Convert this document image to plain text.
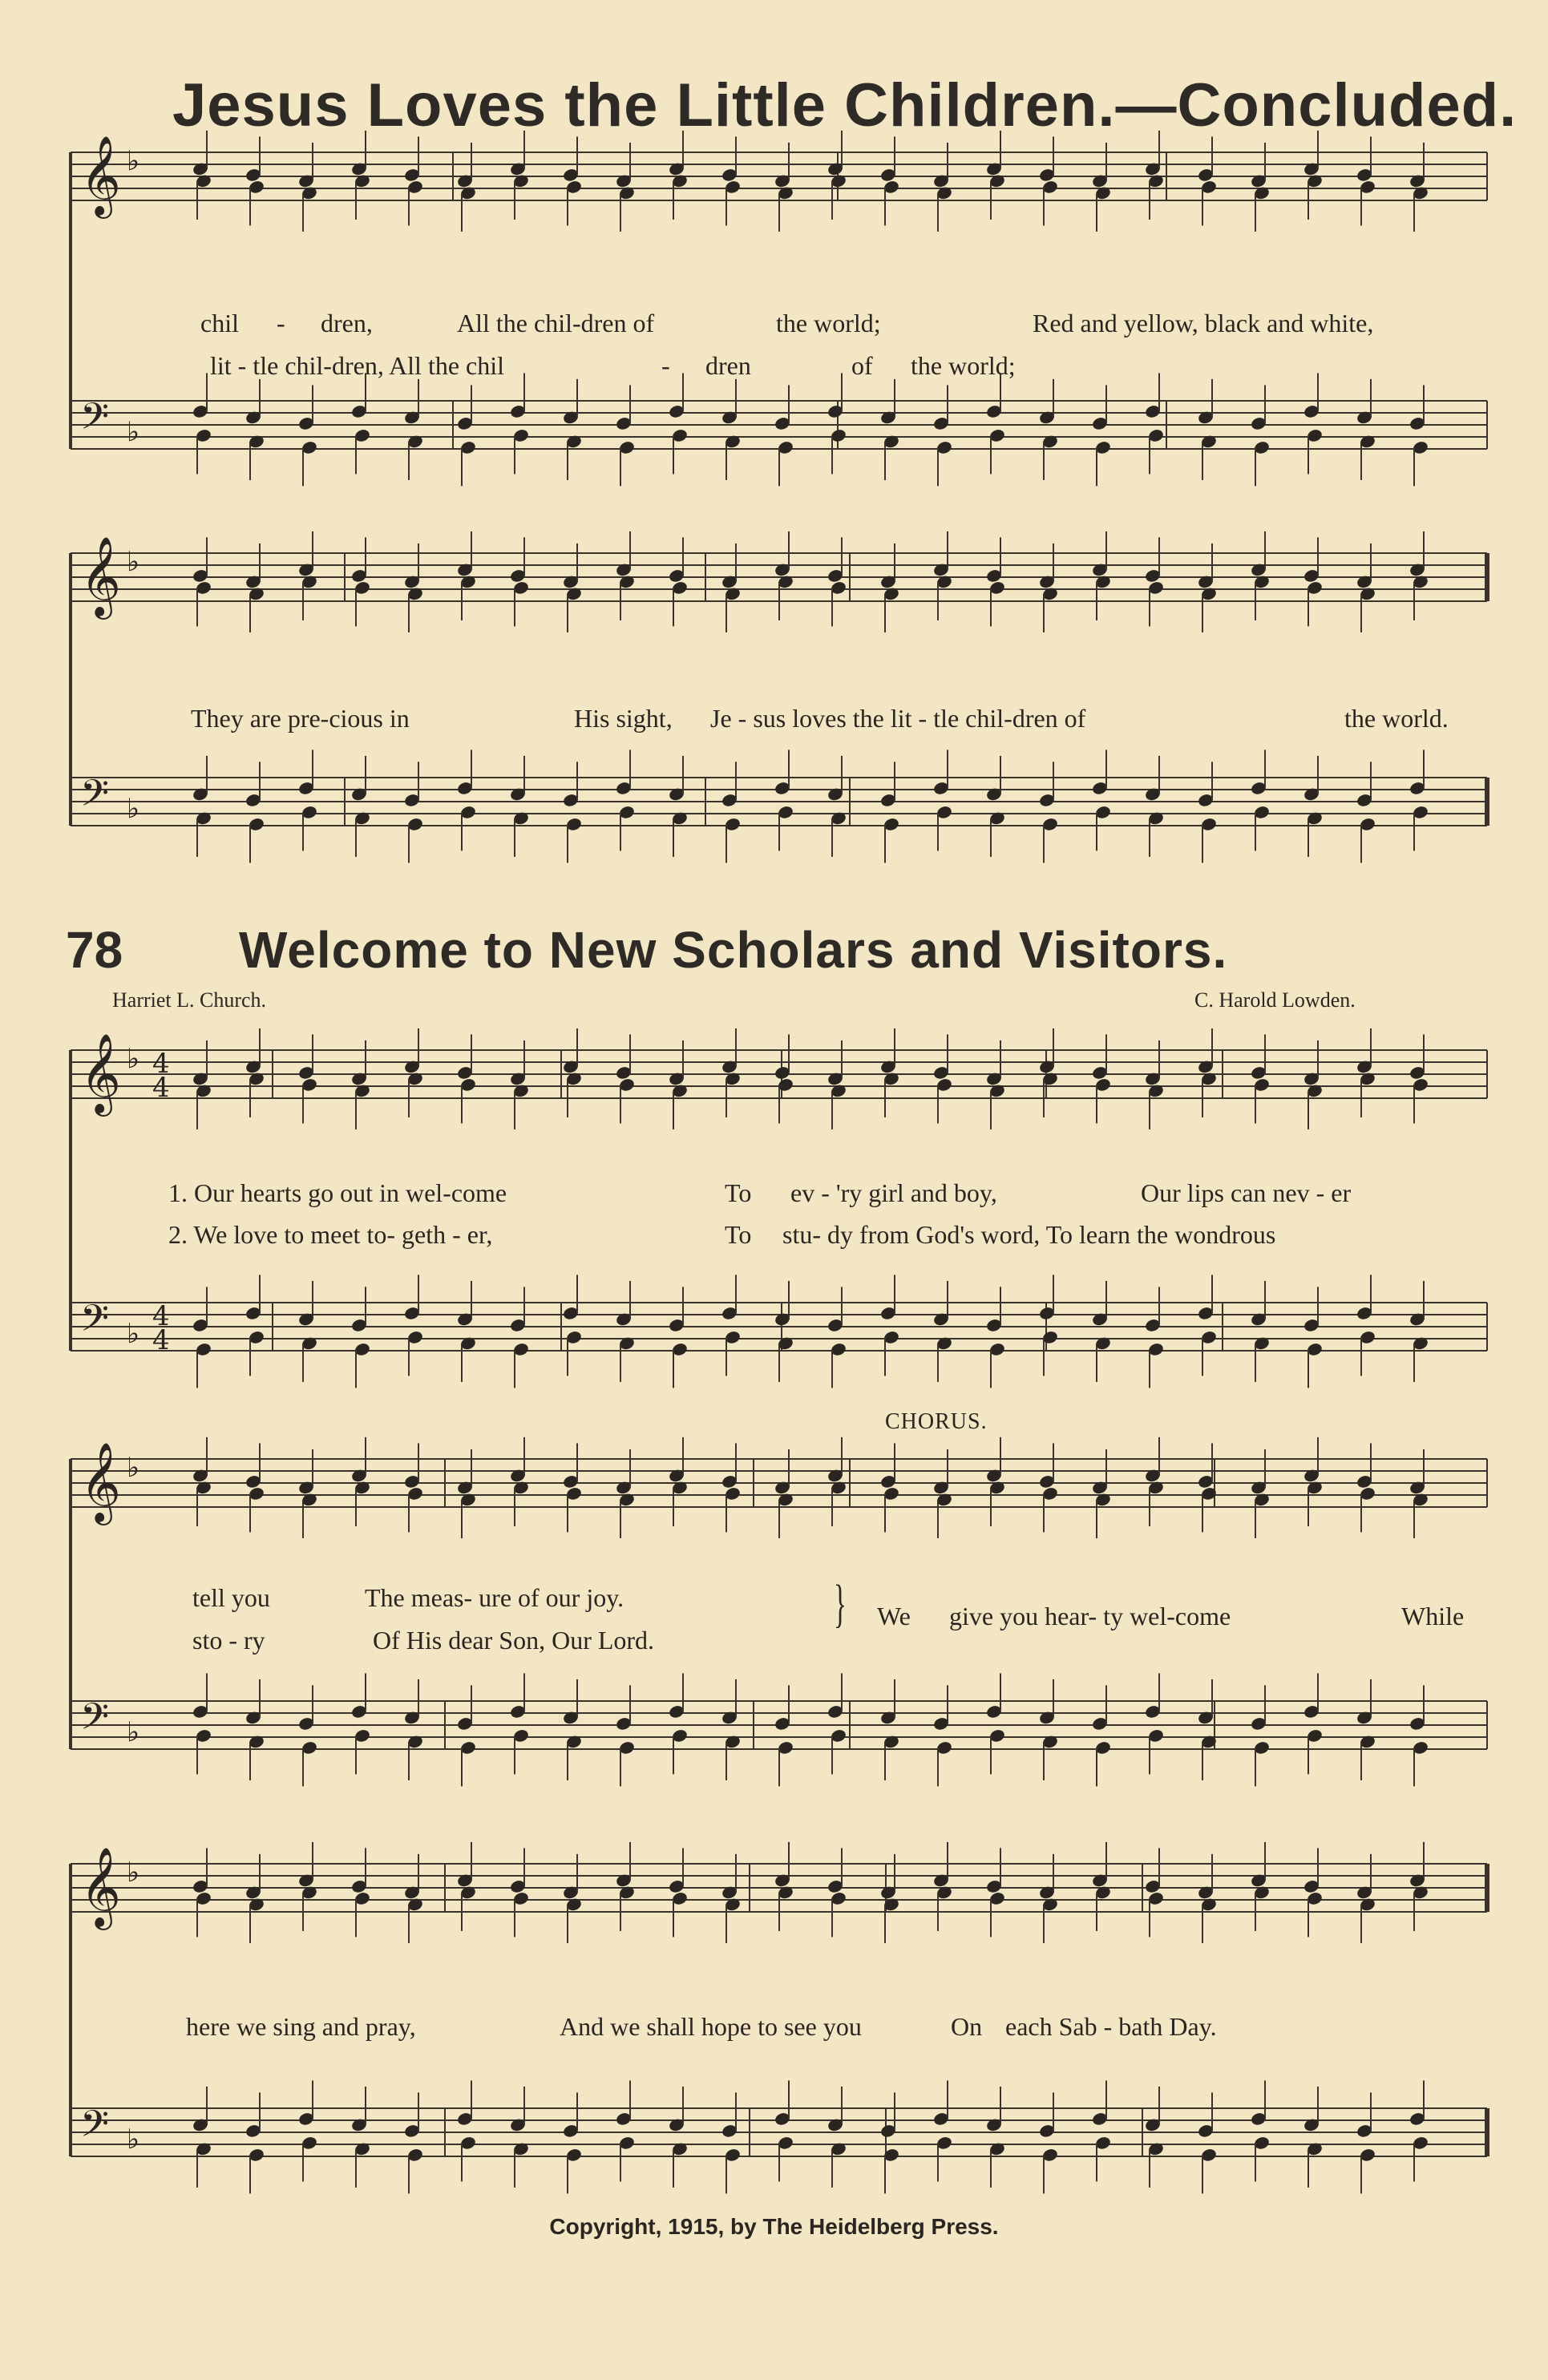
Jesus Loves the Little Children.—Concluded.
78 Welcome to New Scholars and Visitors.
Harriet L. Church.	C. Harold Lowden.
CHORUS.
𝄞 ♭
𝄢 ♭
𝄞 ♭
𝄢 ♭
𝄞 ♭
𝄢 ♭
𝄞 ♭
𝄢 ♭
𝄞 ♭
𝄢 ♭
4
4
4
4
chil - dren,	All the chil-dren of	the world;	Red and yellow, black and white,
lit - tle chil-dren, All the chil	- dren	of the world;
They are pre-cious in	His sight, Je - sus loves the lit - tle chil-dren of	the world.
1. Our hearts go out in wel-come	To ev - 'ry girl and boy,	Our lips can nev - er
2. We love to meet to- geth - er,	To stu- dy from God's word, To learn the wondrous
tell you	The meas- ure of our joy.
sto - ry	Of His dear Son, Our Lord.
} We give you hear- ty wel-come	While
here we sing and pray,	And we shall hope to see you	On each Sab - bath Day.
Copyright, 1915, by The Heidelberg Press.
